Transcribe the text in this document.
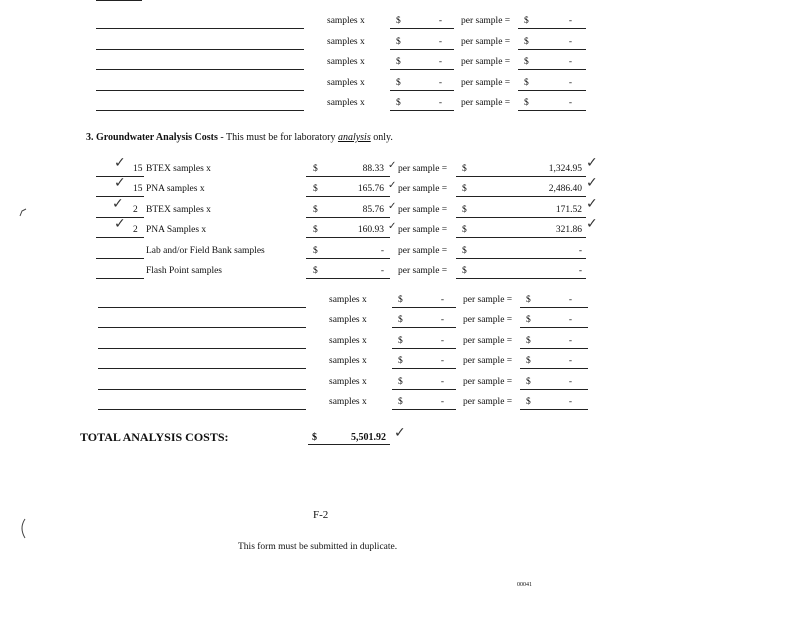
samples x	$	- per sample = $	-
samples x	$	- per sample = $	-
samples x	$	- per sample = $	-
samples x	$	- per sample = $	-
samples x	$	- per sample = $	-
3. Groundwater Analysis Costs - This must be for laboratory analysis only.
✓	✓
✓
15 BTEX samples x	$	88.33 per sample = $	1,324.95
✓	✓
✓
15 PNA samples x	$	165.76 per sample = $	2,486.40
✓	✓
✓
2 BTEX samples x	$	85.76 per sample = $	171.52
✓	✓
✓
2 PNA Samples x	$	160.93 per sample = $	321.86
Lab and/or Field Bank samples	$	- per sample = $	-
Flash Point samples	$	- per sample = $	-
samples x	$	- per sample = $	-
samples x	$	- per sample = $	-
samples x	$	- per sample = $	-
samples x	$	- per sample = $	-
samples x	$	- per sample = $	-
samples x	$	- per sample = $	-
TOTAL ANALYSIS COSTS:	$	5,501.92 ✓
F-2
This form must be submitted in duplicate.
00041
